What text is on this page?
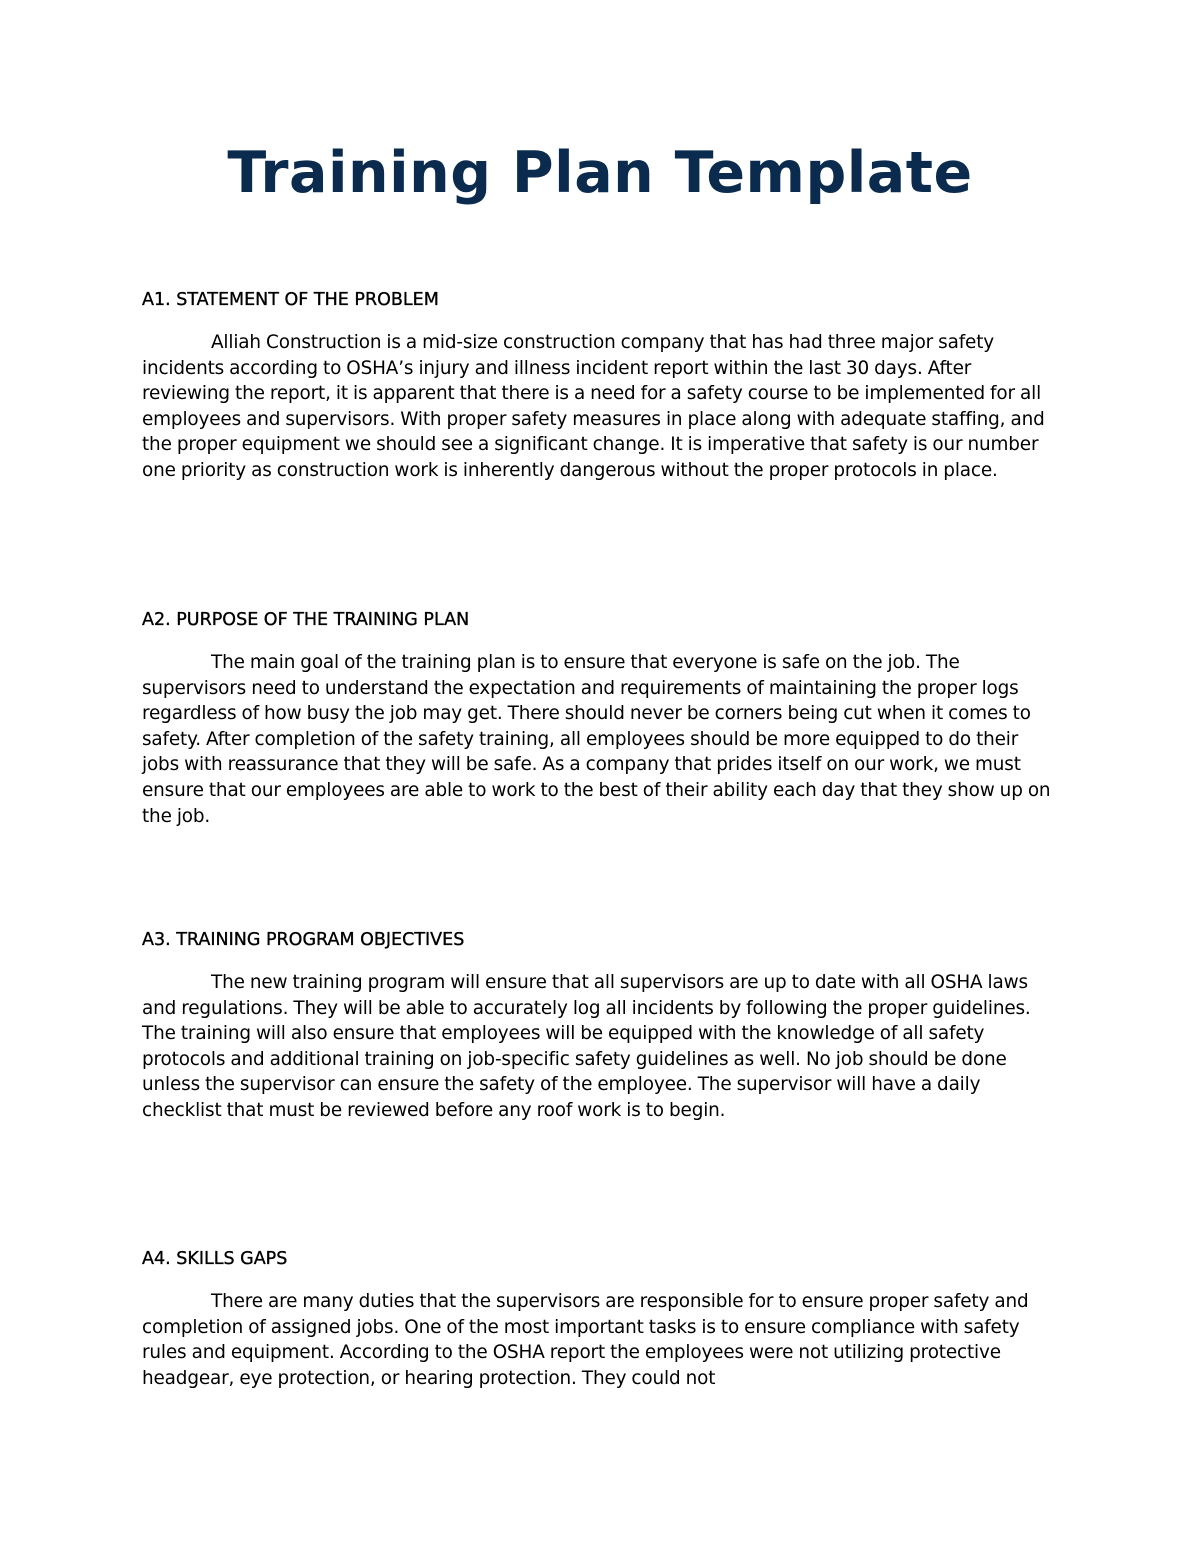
Training Plan Template
A1. STATEMENT OF THE PROBLEM

Alliah Construction is a mid-size construction company that has had three major safety incidents according to OSHA’s injury and illness incident report within the last 30 days. After reviewing the report, it is apparent that there is a need for a safety course to be implemented for all employees and supervisors. With proper safety measures in place along with adequate staffing, and the proper equipment we should see a significant change. It is imperative that safety is our number one priority as construction work is inherently dangerous without the proper protocols in place.

A2. PURPOSE OF THE TRAINING PLAN

The main goal of the training plan is to ensure that everyone is safe on the job. The supervisors need to understand the expectation and requirements of maintaining the proper logs regardless of how busy the job may get. There should never be corners being cut when it comes to safety. After completion of the safety training, all employees should be more equipped to do their jobs with reassurance that they will be safe. As a company that prides itself on our work, we must ensure that our employees are able to work to the best of their ability each day that they show up on the job.

A3. TRAINING PROGRAM OBJECTIVES

The new training program will ensure that all supervisors are up to date with all OSHA laws and regulations. They will be able to accurately log all incidents by following the proper guidelines. The training will also ensure that employees will be equipped with the knowledge of all safety protocols and additional training on job-specific safety guidelines as well. No job should be done unless the supervisor can ensure the safety of the employee. The supervisor will have a daily checklist that must be reviewed before any roof work is to begin.

A4. SKILLS GAPS

There are many duties that the supervisors are responsible for to ensure proper safety and completion of assigned jobs. One of the most important tasks is to ensure compliance with safety rules and equipment. According to the OSHA report the employees were not utilizing protective headgear, eye protection, or hearing protection. They could not
